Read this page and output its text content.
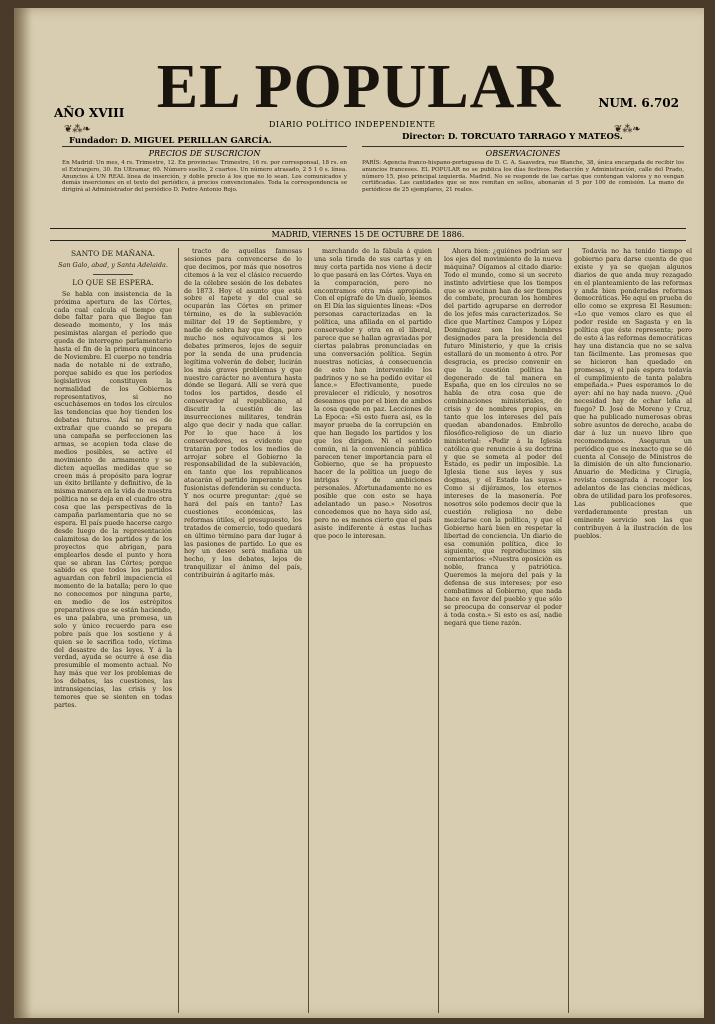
AÑO XVIII EL POPULAR	NUM. 6.702
❦⁂❧	DIARIO POLÍTICO INDEPENDIENTE	❦⁂❧
Fundador: D. MIGUEL PERILLAN GARCÍA.	Director: D. TORCUATO TARRAGO Y MATEOS.
PRECIOS DE SUSCRICION
En Madrid: Un mes, 4 rs. Trimestre, 12. En provincias: Trimestre, 16 rs. por corresponsal, 18 rs. en el Extranjero, 30. En Ultramar, 60. Número suelto, 2 cuartos. Un número atrasado, 2 5 1 0 s. línea. Anuncios á UN REAL línea de inserción, y doble precio á los que no lo sean. Los comunicados y demás inserciones en el texto del periódico, á precios convencionales. Toda la correspondencia se dirigirá al Administrador del periódico D. Pedro Antonio Rojo.
OBSERVACIONES
PARÍS: Agencia franco-hispano-portuguesa de D. C. A. Saavedra, rue Blanche, 38, única encargada de recibir los anuncios franceses. EL POPULAR no se publica los días festivos. Redacción y Administración, calle del Prado, número 15, piso principal izquierda. Madrid. No se responde de las cartas que contengan valores y no vengan certificadas. Las cantidades que se nos remitan en sellos, abonarán el 5 por 100 de comisión. La mano de periódicos de 25 ejemplares, 21 reales.
MADRID, VIERNES 15 DE OCTUBRE DE 1886.
SANTO DE MAÑANA.
San Galo, abad, y Santa Adelaida.
LO QUE SE ESPERA.

Se habla con insistencia de la próxima apertura de las Córtes, cada cual calcula el tiempo que debe faltar para que llegue tan deseado momento, y los más pesimistas alargan el período que queda de interregno parlamentario hasta el fin de la primera quincena de Noviembre. El cuerpo no tendría nada de notable ni de extraño, porque sabido es que los períodos legislativos constituyen la normalidad de los Gobiernos representativos, si no escuchásemos en todos los círculos las tendencias que hoy tienden los debates futuros. Así no es de extrañar que cuando se prepara una campaña se perfeccionen las armas, se acopien toda clase de medios posibles, se active el movimiento de armamento y se dicten aquellas medidas que se creen más á propósito para lograr un éxito brillante y definitivo, de la misma manera en la vida de nuestra política no se deja en el cuadro otra cosa que las perspectivas de la campaña parlamentaria que no se espera. El país puede hacerse cargo desde luego de la representación calamitosa de los partidos y de los proyectos que abrigan, para emplearlos desde el punto y hora que se abran las Córtes; porque sabido es que todos los partidos aguardan con febril impaciencia el momento de la batalla; pero lo que no conocemos por ninguna parte, en medio de los estrépitos preparativos que se están haciendo, es una palabra, una promesa, un solo y único recuerdo para ese pobre país que los sostiene y á quien se le sacrifica todo, víctima del desastre de las leyes. Y á la verdad, ayuda se ocurre á ese dia presumible el momento actual. No hay más que ver los problemas de los debates, las cuestiones, las intransigencias, las crisis y los temores que se sienten en todas partes.

tracto de aquellas famosas sesiones para convencerse de lo que decimos, por más que nosotros citemos á la vez el clásico recuerdo de la célebre sesión de los debates de 1873. Hoy el asunto que está sobre el tapete y del cual se ocuparán las Córtes en primer término, es de la sublevación militar del 19 de Septiembre, y nadie de sobra hay que diga, pero mucho nos equivocamos si los debates primeros, lejos de seguir por la senda de una prudencia legítima volverán de deber, lucirán los más graves problemas y que nuestro carácter no aventura hasta dónde se llegará. Allí se verá que todos los partidos, desde el conservador al republicano, al discutir la cuestión de las insurrecciones militares, tendrán algo que decir y nada que callar. Por lo que hace á los conservadores, es evidente que tratarán por todos los medios de arrojar sobre el Gobierno la responsabilidad de la sublevación, en tanto que los republicanos atacarán el partido imperante y los fusionistas defenderán su conducta. Y nos ocurre preguntar: ¿qué se hará del país en tanto? Las cuestiones económicas, las reformas útiles, el presupuesto, los tratados de comercio, todo quedará en último término para dar lugar á las pasiones de partido. Lo que es hoy un deseo será mañana un hecho, y los debates, lejos de tranquilizar el ánimo del país, contribuirán á agitarlo más.

marchando de la fábula á quien una sola tirada de sus cartas y en muy corta partida nos viene á decir lo que pasará en las Córtes. Vaya en la comparación, pero no encontramos otra más apropiada. Con el epígrafe de Un duelo, leemos en El Día las siguientes líneas: «Dos personas caracterizadas en la política, una afiliada en el partido conservador y otra en el liberal, parece que se hallan agraviadas por ciertas palabras pronunciadas en una conversación política. Según nuestras noticias, á consecuencia de esto han intervenido los padrinos y no se ha podido evitar el lance.» Efectivamente, puede prevalecer el ridículo, y nosotros deseamos que por el bien de ambos la cosa quede en paz. Lecciones de La Epoca: «Si esto fuera así, es la mayor prueba de la corrupción en que han llegado los partidos y los que los dirigen. Ni el sentido común, ni la conveniencia pública parecen tener importancia para el Gobierno, que se ha propuesto hacer de la política un juego de intrigas y de ambiciones personales. Afortunadamente no es posible que con esto se haya adelantado un paso.» Nosotros concedemos que no haya sido así, pero no es menos cierto que el país asiste indiferente á estas luchas que poco le interesan.

Ahora bien: ¿quiénes podrían ser los ejes del movimiento de la nueva máquina? Oígamos al citado diario: Todo el mundo, como si un secreto instinto advirtiese que los tiempos que se avecinan han de ser tiempos de combate, procuran los hombres del partido agruparse en derredor de los jefes más caracterizados. Se dice que Martínez Campos y López Domínguez son los hombres designados para la presidencia del futuro Ministerio, y que la crisis estallará de un momento á otro. Por desgracia, es preciso convenir en que la cuestión política ha degenerado de tal manera en España, que en los círculos no se habla de otra cosa que de combinaciones ministeriales, de crisis y de nombres propios, en tanto que los intereses del país quedan abandonados. Embrollo filosófico-religioso de un diario ministerial: «Pedir á la Iglesia católica que renuncie á su doctrina y que se someta al poder del Estado, es pedir un imposible. La Iglesia tiene sus leyes y sus dogmas, y el Estado las suyas.» Como si dijéramos, los eternos intereses de la masonería. Por nosotros sólo podemos decir que la cuestión religiosa no debe mezclarse con la política, y que el Gobierno hará bien en respetar la libertad de conciencia. Un diario de esa comunión política, dice lo siguiente, que reproducimos sin comentarios: «Nuestra oposición es noble, franca y patriótica. Queremos la mejora del país y la defensa de sus intereses; por eso combatimos al Gobierno, que nada hace en favor del pueblo y que sólo se preocupa de conservar el poder á toda costa.» Si esto es así, nadie negará que tiene razón.

Todavía no ha tenido tiempo el gobierno para darse cuenta de que existe y ya se quejan algunos diarios de que anda muy rezagado en el planteamiento de las reformas y anda bien ponderadas reformas democráticas. He aquí en prueba de ello como se expresa El Resumen: «Lo que vemos claro es que el poder reside en Sagasta y en la política que éste representa; pero de esto á las reformas democráticas hay una distancia que no se salva tan fácilmente. Las promesas que se hicieron han quedado en promesas, y el país espera todavía el cumplimiento de tanta palabra empeñada.» Pues esperamos lo de ayer: ahí no hay nada nuevo. ¿Qué necesidad hay de echar leña al fuego? D. José de Moreno y Cruz, que ha publicado numerosas obras sobre asuntos de derecho, acaba de dar á luz un nuevo libro que recomendamos. Aseguran un periódico que es inexacto que se dé cuenta al Consejo de Ministros de la dimisión de un alto funcionario. Anuario de Medicina y Cirugía, revista consagrada á recoger los adelantos de las ciencias médicas, obra de utilidad para los profesores. Las publicaciones que verdaderamente prestan un eminente servicio son las que contribuyen á la ilustración de los pueblos.
